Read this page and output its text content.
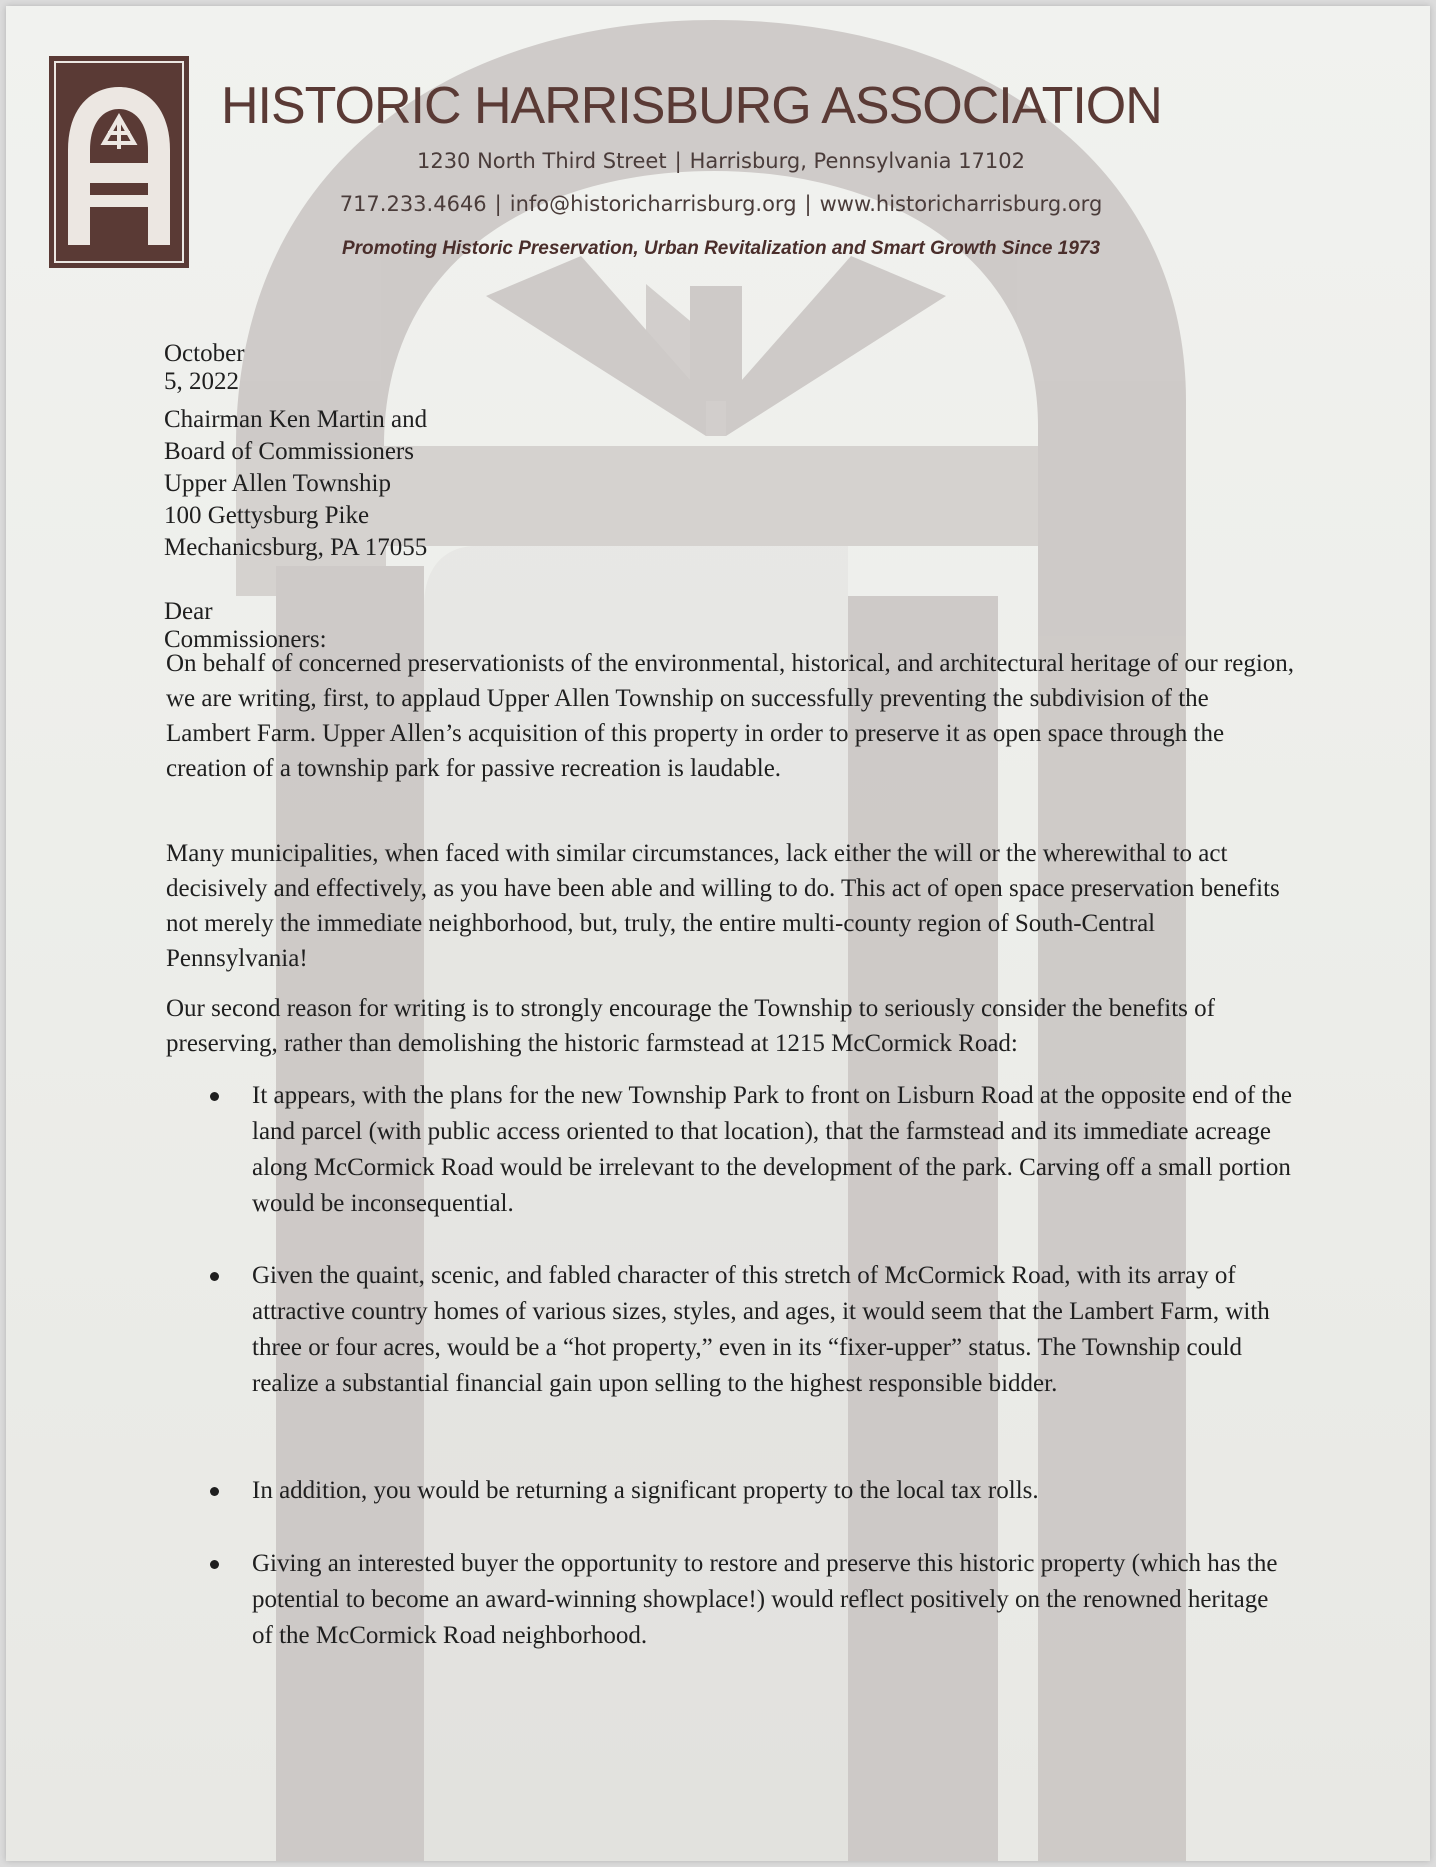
HISTORIC HARRISBURG ASSOCIATION
1230 North Third Street | Harrisburg, Pennsylvania 17102
717.233.4646 | info@historicharrisburg.org | www.historicharrisburg.org
Promoting Historic Preservation, Urban Revitalization and Smart Growth Since 1973
October 5, 2022
Chairman Ken Martin and
Board of Commissioners
Upper Allen Township
100 Gettysburg Pike
Mechanicsburg, PA 17055
Dear Commissioners:

On behalf of concerned preservationists of the environmental, historical, and architectural heritage of our region, we are writing, first, to applaud Upper Allen Township on successfully preventing the subdivision of the Lambert Farm. Upper Allen’s acquisition of this property in order to preserve it as open space through the creation of a township park for passive recreation is laudable.

Many municipalities, when faced with similar circumstances, lack either the will or the wherewithal to act decisively and effectively, as you have been able and willing to do. This act of open space preservation benefits not merely the immediate neighborhood, but, truly, the entire multi-county region of South-Central Pennsylvania!

Our second reason for writing is to strongly encourage the Township to seriously consider the benefits of preserving, rather than demolishing the historic farmstead at 1215 McCormick Road:

It appears, with the plans for the new Township Park to front on Lisburn Road at the opposite end of the land parcel (with public access oriented to that location), that the farmstead and its immediate acreage along McCormick Road would be irrelevant to the development of the park. Carving off a small portion would be inconsequential.
Given the quaint, scenic, and fabled character of this stretch of McCormick Road, with its array of attractive country homes of various sizes, styles, and ages, it would seem that the Lambert Farm, with three or four acres, would be a “hot property,” even in its “fixer-upper” status. The Township could realize a substantial financial gain upon selling to the highest responsible bidder.
In addition, you would be returning a significant property to the local tax rolls.
Giving an interested buyer the opportunity to restore and preserve this historic property (which has the potential to become an award-winning showplace!) would reflect positively on the renowned heritage of the McCormick Road neighborhood.
